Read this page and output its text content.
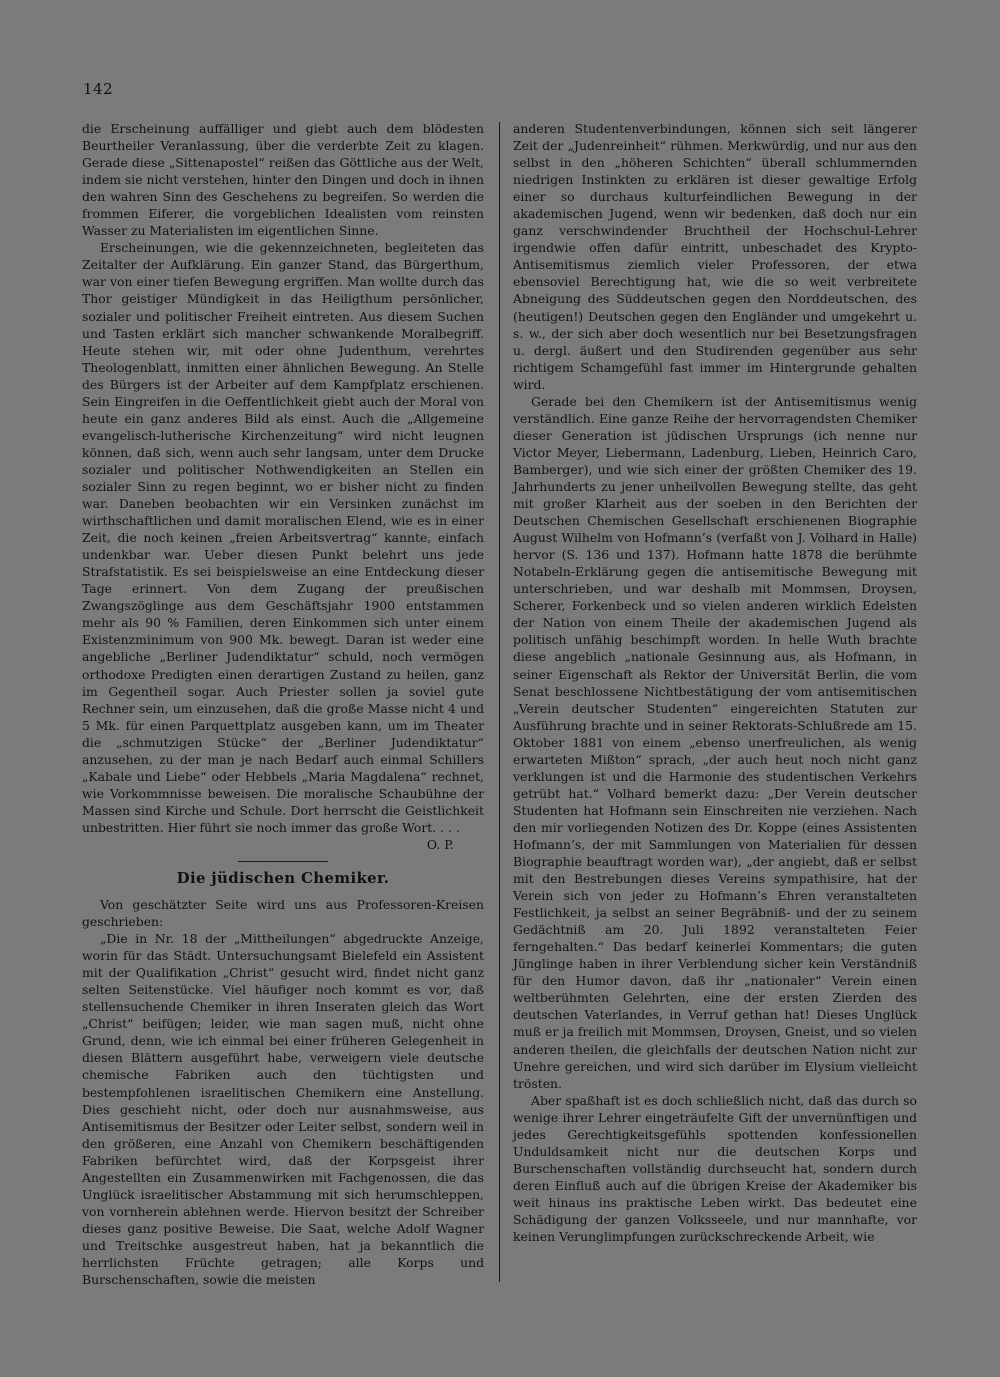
142

die Erscheinung auffälliger und giebt auch dem blödesten Beurtheiler Veranlassung, über die verderbte Zeit zu klagen. Gerade diese „Sittenapostel“ reißen das Göttliche aus der Welt, indem sie nicht verstehen, hinter den Dingen und doch in ihnen den wahren Sinn des Geschehens zu begreifen. So werden die frommen Eiferer, die vorgeblichen Idealisten vom reinsten Wasser zu Materialisten im eigentlichen Sinne.

Erscheinungen, wie die gekennzeichneten, begleiteten das Zeitalter der Aufklärung. Ein ganzer Stand, das Bürgerthum, war von einer tiefen Bewegung ergriffen. Man wollte durch das Thor geistiger Mündigkeit in das Heiligthum persönlicher, sozialer und politischer Freiheit eintreten. Aus diesem Suchen und Tasten erklärt sich mancher schwankende Moralbegriff. Heute stehen wir, mit oder ohne Judenthum, verehrtes Theologenblatt, inmitten einer ähnlichen Bewegung. An Stelle des Bürgers ist der Arbeiter auf dem Kampfplatz erschienen. Sein Eingreifen in die Oeffentlichkeit giebt auch der Moral von heute ein ganz anderes Bild als einst. Auch die „Allgemeine evangelisch-lutherische Kirchenzeitung“ wird nicht leugnen können, daß sich, wenn auch sehr langsam, unter dem Drucke sozialer und politischer Nothwendigkeiten an Stellen ein sozialer Sinn zu regen beginnt, wo er bisher nicht zu finden war. Daneben beobachten wir ein Versinken zunächst im wirthschaftlichen und damit moralischen Elend, wie es in einer Zeit, die noch keinen „freien Arbeitsvertrag“ kannte, einfach undenkbar war. Ueber diesen Punkt belehrt uns jede Strafstatistik. Es sei beispielsweise an eine Entdeckung dieser Tage erinnert. Von dem Zugang der preußischen Zwangszöglinge aus dem Geschäftsjahr 1900 entstammen mehr als 90 % Familien, deren Einkommen sich unter einem Existenzminimum von 900 Mk. bewegt. Daran ist weder eine angebliche „Berliner Judendiktatur“ schuld, noch vermögen orthodoxe Predigten einen derartigen Zustand zu heilen, ganz im Gegentheil sogar. Auch Priester sollen ja soviel gute Rechner sein, um einzusehen, daß die große Masse nicht 4 und 5 Mk. für einen Parquettplatz ausgeben kann, um im Theater die „schmutzigen Stücke“ der „Berliner Judendiktatur“ anzusehen, zu der man je nach Bedarf auch einmal Schillers „Kabale und Liebe“ oder Hebbels „Maria Magdalena“ rechnet, wie Vorkommnisse beweisen. Die moralische Schaubühne der Massen sind Kirche und Schule. Dort herrscht die Geistlichkeit unbestritten. Hier führt sie noch immer das große Wort. . . .
O. P.

Die jüdischen Chemiker.

Von geschätzter Seite wird uns aus Professoren-Kreisen geschrieben:

„Die in Nr. 18 der „Mittheilungen“ abgedruckte Anzeige, worin für das Städt. Untersuchungsamt Bielefeld ein Assistent mit der Qualifikation „Christ“ gesucht wird, findet nicht ganz selten Seitenstücke. Viel häufiger noch kommt es vor, daß stellensuchende Chemiker in ihren Inseraten gleich das Wort „Christ“ beifügen; leider, wie man sagen muß, nicht ohne Grund, denn, wie ich einmal bei einer früheren Gelegenheit in diesen Blättern ausgeführt habe, verweigern viele deutsche chemische Fabriken auch den tüchtigsten und bestempfohlenen israelitischen Chemikern eine Anstellung. Dies geschieht nicht, oder doch nur ausnahmsweise, aus Antisemitismus der Besitzer oder Leiter selbst, sondern weil in den größeren, eine Anzahl von Chemikern beschäftigenden Fabriken befürchtet wird, daß der Korpsgeist ihrer Angestellten ein Zusammenwirken mit Fachgenossen, die das Unglück israelitischer Abstammung mit sich herumschleppen, von vornherein ablehnen werde. Hiervon besitzt der Schreiber dieses ganz positive Beweise. Die Saat, welche Adolf Wagner und Treitschke ausgestreut haben, hat ja bekanntlich die herrlichsten Früchte getragen; alle Korps und Burschenschaften, sowie die meisten

anderen Studentenverbindungen, können sich seit längerer Zeit der „Judenreinheit“ rühmen. Merkwürdig, und nur aus den selbst in den „höheren Schichten“ überall schlummernden niedrigen Instinkten zu erklären ist dieser gewaltige Erfolg einer so durchaus kulturfeindlichen Bewegung in der akademischen Jugend, wenn wir bedenken, daß doch nur ein ganz verschwindender Bruchtheil der Hochschul-Lehrer irgendwie offen dafür eintritt, unbeschadet des Krypto-Antisemitismus ziemlich vieler Professoren, der etwa ebensoviel Berechtigung hat, wie die so weit verbreitete Abneigung des Süddeutschen gegen den Norddeutschen, des (heutigen!) Deutschen gegen den Engländer und umgekehrt u. s. w., der sich aber doch wesentlich nur bei Besetzungsfragen u. dergl. äußert und den Studirenden gegenüber aus sehr richtigem Schamgefühl fast immer im Hintergrunde gehalten wird.

Gerade bei den Chemikern ist der Antisemitismus wenig verständlich. Eine ganze Reihe der hervorragendsten Chemiker dieser Generation ist jüdischen Ursprungs (ich nenne nur Victor Meyer, Liebermann, Ladenburg, Lieben, Heinrich Caro, Bamberger), und wie sich einer der größten Chemiker des 19. Jahrhunderts zu jener unheilvollen Bewegung stellte, das geht mit großer Klarheit aus der soeben in den Berichten der Deutschen Chemischen Gesellschaft erschienenen Biographie August Wilhelm von Hofmann’s (verfaßt von J. Volhard in Halle) hervor (S. 136 und 137). Hofmann hatte 1878 die berühmte Notabeln-Erklärung gegen die antisemitische Bewegung mit unterschrieben, und war deshalb mit Mommsen, Droysen, Scherer, Forkenbeck und so vielen anderen wirklich Edelsten der Nation von einem Theile der akademischen Jugend als politisch unfähig beschimpft worden. In helle Wuth brachte diese angeblich „nationale Gesinnung aus, als Hofmann, in seiner Eigenschaft als Rektor der Universität Berlin, die vom Senat beschlossene Nichtbestätigung der vom antisemitischen „Verein deutscher Studenten“ eingereichten Statuten zur Ausführung brachte und in seiner Rektorats-Schlußrede am 15. Oktober 1881 von einem „ebenso unerfreulichen, als wenig erwarteten Mißton“ sprach, „der auch heut noch nicht ganz verklungen ist und die Harmonie des studentischen Verkehrs getrübt hat.“ Volhard bemerkt dazu: „Der Verein deutscher Studenten hat Hofmann sein Einschreiten nie verziehen. Nach den mir vorliegenden Notizen des Dr. Koppe (eines Assistenten Hofmann’s, der mit Sammlungen von Materialien für dessen Biographie beauftragt worden war), „der angiebt, daß er selbst mit den Bestrebungen dieses Vereins sympathisire, hat der Verein sich von jeder zu Hofmann’s Ehren veranstalteten Festlichkeit, ja selbst an seiner Begräbniß- und der zu seinem Gedächtniß am 20. Juli 1892 veranstalteten Feier ferngehalten.“ Das bedarf keinerlei Kommentars; die guten Jünglinge haben in ihrer Verblendung sicher kein Verständniß für den Humor davon, daß ihr „nationaler“ Verein einen weltberühmten Gelehrten, eine der ersten Zierden des deutschen Vaterlandes, in Verruf gethan hat! Dieses Unglück muß er ja freilich mit Mommsen, Droysen, Gneist, und so vielen anderen theilen, die gleichfalls der deutschen Nation nicht zur Unehre gereichen, und wird sich darüber im Elysium vielleicht trösten.

Aber spaßhaft ist es doch schließlich nicht, daß das durch so wenige ihrer Lehrer eingeträufelte Gift der unvernünftigen und jedes Gerechtigkeitsgefühls spottenden konfessionellen Unduldsamkeit nicht nur die deutschen Korps und Burschenschaften vollständig durchseucht hat, sondern durch deren Einfluß auch auf die übrigen Kreise der Akademiker bis weit hinaus ins praktische Leben wirkt. Das bedeutet eine Schädigung der ganzen Volksseele, und nur mannhafte, vor keinen Verunglimpfungen zurückschreckende Arbeit, wie
